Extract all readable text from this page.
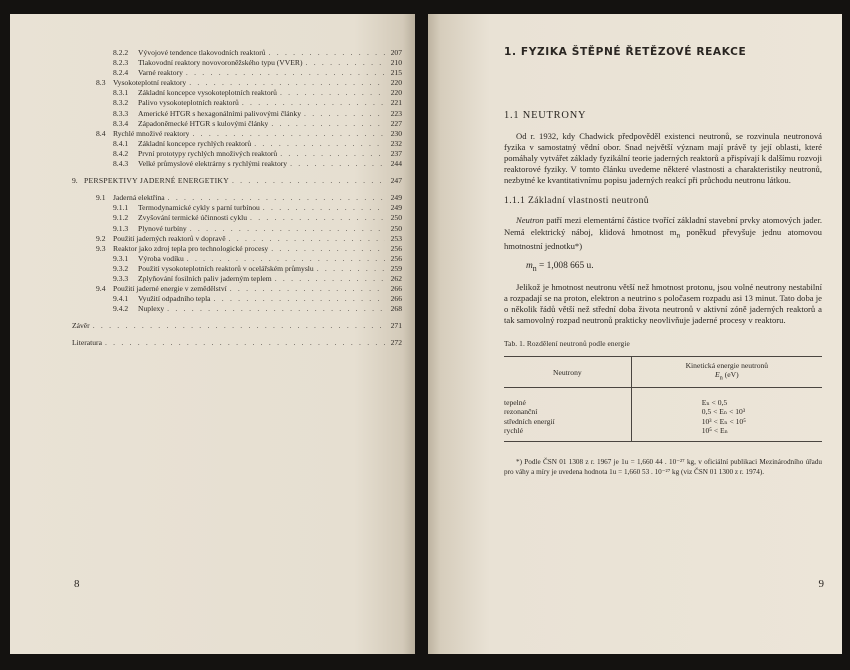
8.2.2	Vývojové tendence tlakovodních reaktorů . . .	207
8.2.3	Tlakovodní reaktory novovoroněžského typu (VVER) . . .	210
8.2.4	Varné reaktory . . .	215
8.3 Vysokoteplotní reaktory . . .	220
8.3.1	Základní koncepce vysokoteplotních reaktorů . . .	220
8.3.2	Palivo vysokoteplotních reaktorů . . .	221
8.3.3	Americké HTGR s hexagonálními palivovými články . . .	223
8.3.4	Západoněmecké HTGR s kulovými články . . .	227
8.4 Rychlé množivé reaktory . . .	230
8.4.1	Základní koncepce rychlých reaktorů . . .	232
8.4.2	První prototypy rychlých množivých reaktorů . . .	237
8.4.3	Velké průmyslové elektrárny s rychlými reaktory . . .	244
9. PERSPEKTIVY JADERNÉ ENERGETIKY . . .	247
9.1 Jaderná elektřina . . .	249
9.1.1	Termodynamické cykly s parní turbínou . . .	249
9.1.2	Zvyšování termické účinnosti cyklu . . .	250
9.1.3	Plynové turbíny . . .	250
9.2 Použití jaderných reaktorů v dopravě . . .	253
9.3 Reaktor jako zdroj tepla pro technologické procesy . . .	256
9.3.1	Výroba vodíku . . .	256
9.3.2	Použití vysokoteplotních reaktorů v ocelářském průmyslu . . .	259
9.3.3	Zplyňování fosilních paliv jaderným teplem . . .	262
9.4 Použití jaderné energie v zemědělství . . .	266
9.4.1	Využití odpadního tepla . . .	266
9.4.2	Nuplexy . . .	268
Závěr . . .	271
Literatura . . .	272
8
1. FYZIKA ŠTĚPNÉ ŘETĚZOVÉ REAKCE
1.1 NEUTRONY

Od r. 1932, kdy Chadwick předpověděl existenci neutronů, se rozvinula neutronová fyzika v samostatný vědní obor. Snad největší význam mají právě ty její oblasti, které pomáhaly vytvářet základy fyzikální teorie jaderných reaktorů a přispívají k dalšímu rozvoji reaktorové fyziky. V tomto článku uvedeme některé vlastnosti a charakteristiky neutronů, nezbytné ke kvantitativnímu popisu jaderných reakcí při průchodu neutronu látkou.

1.1.1 Základní vlastnosti neutronů

Neutron patří mezi elementární částice tvořící základní stavební prvky atomových jader. Nemá elektrický náboj, klidová hmotnost $m_n$ poněkud převyšuje jednu atomovou hmotnostní jednotku*)

$m_n = 1,008$ 665 u.

Jelikož je hmotnost neutronu větší než hmotnost protonu, jsou volné neutrony nestabilní a rozpadají se na proton, elektron a neutrino s poločasem rozpadu asi 13 minut. Tato doba je o několik řádů větší než střední doba života neutronů v aktivní zóně jaderných reaktorů a tak samovolný rozpad neutronů prakticky neovlivňuje jaderné procesy v reaktoru.

Tab. 1. Rozdělení neutronů podle energie
Neutrony	Kinetická energie neutronů
$E_n$ (eV)
tepelné	Eₙ < 0,5
rezonanční	0,5 < Eₙ < 10³
středních energií	10³ < Eₙ < 10⁵
rychlé	10⁵ < Eₙ

*) Podle ČSN 01 1308 z r. 1967 je 1u = 1,660 44 . 10⁻²⁷ kg, v oficiální publikaci Mezinárodního úřadu pro váhy a míry je uvedena hodnota 1u = 1,660 53 . 10⁻²⁷ kg (viz ČSN 01 1300 z r. 1974).

9
